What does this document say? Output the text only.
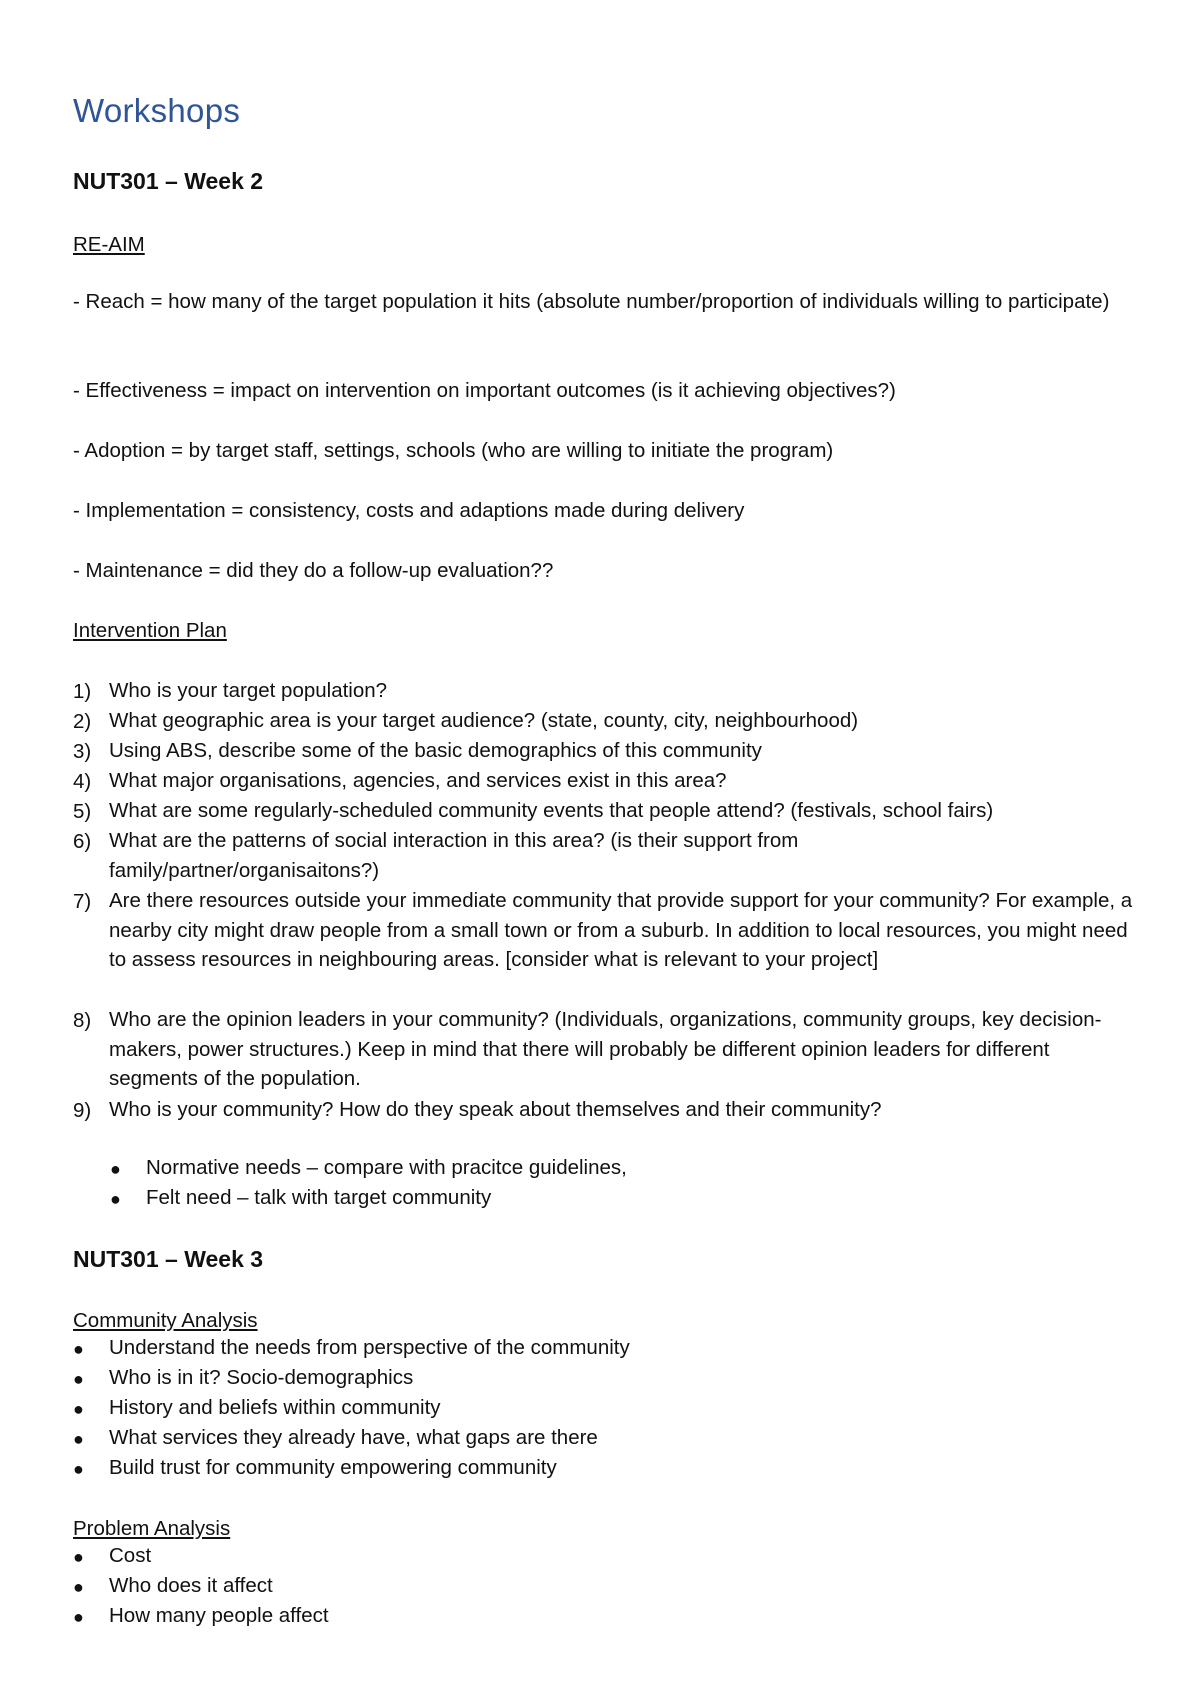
Workshops
NUT301 – Week 2
RE-AIM

- Reach = how many of the target population it hits (absolute number/proportion of individuals willing to participate)

- Effectiveness = impact on intervention on important outcomes (is it achieving objectives?)

- Adoption = by target staff, settings, schools (who are willing to initiate the program)

- Implementation = consistency, costs and adaptions made during delivery

- Maintenance = did they do a follow-up evaluation??

Intervention Plan
1) Who is your target population?

2) What geographic area is your target audience? (state, county, city, neighbourhood)

3) Using ABS, describe some of the basic demographics of this community

4) What major organisations, agencies, and services exist in this area?

5) What are some regularly-scheduled community events that people attend? (festivals, school fairs)

6) What are the patterns of social interaction in this area? (is their support from family/partner/organisaitons?)

7) Are there resources outside your immediate community that provide support for your community? For example, a nearby city might draw people from a small town or from a suburb. In addition to local resources, you might need to assess resources in neighbouring areas. [consider what is relevant to your project]

8) Who are the opinion leaders in your community? (Individuals, organizations, community groups, key decision-makers, power structures.) Keep in mind that there will probably be different opinion leaders for different segments of the population.

9) Who is your community? How do they speak about themselves and their community?

● Normative needs – compare with pracitce guidelines,

● Felt need – talk with target community

NUT301 – Week 3
Community Analysis
● Understand the needs from perspective of the community

● Who is in it? Socio-demographics

● History and beliefs within community

● What services they already have, what gaps are there

● Build trust for community empowering community

Problem Analysis
● Cost

● Who does it affect

● How many people affect
